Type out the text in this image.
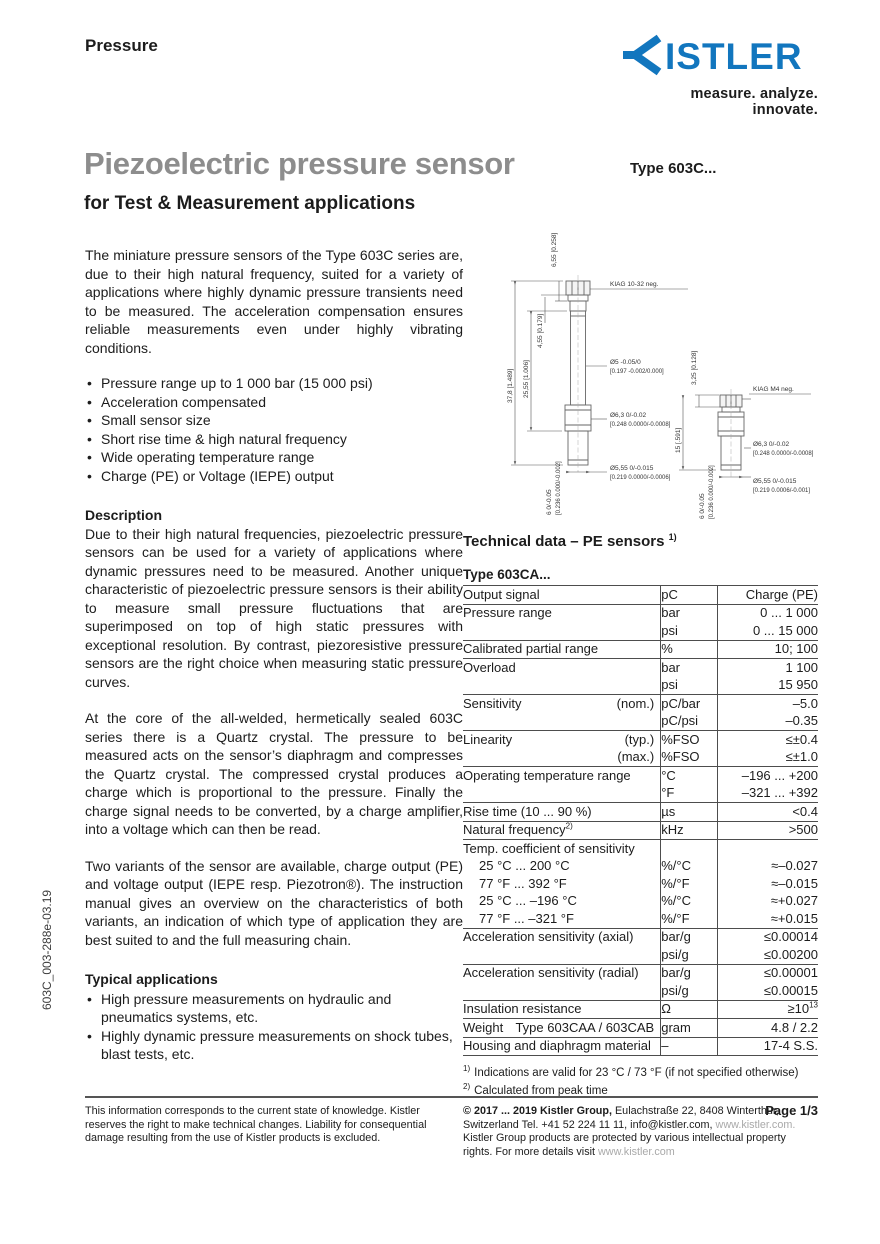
Pressure	ISTLER
measure. analyze. innovate.
Piezoelectric pressure sensor	Type 603C...
for Test & Measurement applications

The miniature pressure sensors of the Type 603C series are, due to their high natural frequency, suited for a variety of applications where highly dynamic pressure transients need to be measured. The acceleration compensation ensures reliable measurements even under highly vibrating conditions.

• Pressure range up to 1 000 bar (15 000 psi)
• Acceleration compensated
• Small sensor size
• Short rise time & high natural frequency
• Wide operating temperature range
• Charge (PE) or Voltage (IEPE) output
Description

Due to their high natural frequencies, piezoelectric pressure sensors can be used for a variety of applications where dynamic pressures need to be measured. Another unique characteristic of piezoelectric pressure sensors is their ability to measure small pressure fluctuations that are superimposed on top of high static pressures with exceptional resolution. By contrast, piezoresistive pressure sensors are the right choice when measuring static pressure curves.

At the core of the all-welded, hermetically sealed 603C series there is a Quartz crystal. The pressure to be measured acts on the sensor’s diaphragm and compresses the Quartz crystal. The compressed crystal produces a charge which is proportional to the pressure. Finally the charge signal needs to be converted, by a charge amplifier, into a voltage which can then be read.

Two variants of the sensor are available, charge output (PE) and voltage output (IEPE resp. Piezotron®). The instruction manual gives an overview on the characteristics of both variants, an indication of which type of application they are best suited to and the full measuring chain.

Typical applications
• High pressure measurements on hydraulic and pneumatics systems, etc.
• Highly dynamic pressure measurements on shock tubes, blast tests, etc.
603C_003-288e-03.19
6,55 [0.258]
4,55 [0.179]
25,55 [1.006]
37,8 [1.489]
KIAG 10-32 neg.
Ø5 -0.05/0
[0.197 -0.002/0.000]
Ø6,3 0/-0.02
[0.248 0.0000/-0.0008]
Ø5,55 0/-0.015
[0.219 0.0000/-0.0006]
6 0/-0.05 [0.236 0.000/-0.002]
3,25 [0.128]
15 [.591]
KIAG M4 neg.
Ø6,3 0/-0.02
[0.248 0.0000/-0.0008]
Ø5,55 0/-0.015
[0.219 0.0006/-0.001]
6 0/-0.05 [0.236 0.000/-0.002]
Technical data – PE sensors $^{1)}$
Type 603CA...
Output signal	pC	Charge (PE)
Pressure range	bar	0 ... 1 000
	psi	0 ... 15 000
Calibrated partial range	%	10; 100
Overload	bar	1 100
	psi	15 950
Sensitivity (nom.)	pC/bar	–5.0
	pC/psi	–0.35
Linearity (typ.)	%FSO	≤±0.4

(max.)	%FSO	≤±1.0
Operating temperature range	°C	–196 ... +200
	°F	–321 ... +392
Rise time (10 ... 90 %)	µs	<0.4
Natural frequency$^{2)}$	kHz	>500
Temp. coefficient of sensitivity		
25 °C ... 200 °C	%/°C	≈–0.027
77 °F ... 392 °F	%/°F	≈–0.015
25 °C ... –196 °C	%/°C	≈+0.027
77 °F ... –321 °F	%/°F	≈+0.015
Acceleration sensitivity (axial)	bar/g	≤0.00014
	psi/g	≤0.00200
Acceleration sensitivity (radial)	bar/g	≤0.00001
	psi/g	≤0.00015
Insulation resistance	Ω	$\ge 10^{13}$
Weight Type 603CAA / 603CAB	gram	4.8 / 2.2
Housing and diaphragm material	–	17-4 S.S.
$^{1)}$ Indications are valid for 23 °C / 73 °F (if not specified otherwise)
$^{2)}$ Calculated from peak time
Page 1/3
This information corresponds to the current state of knowledge. Kistler reserves the right to make technical changes. Liability for consequential damage resulting from the use of Kistler products is excluded.
© 2017 ... 2019 Kistler Group, Eulachstraße 22, 8408 Winterthur, Switzerland Tel. +41 52 224 11 11, info@kistler.com, www.kistler.com. Kistler Group products are protected by various intellectual property rights. For more details visit www.kistler.com
